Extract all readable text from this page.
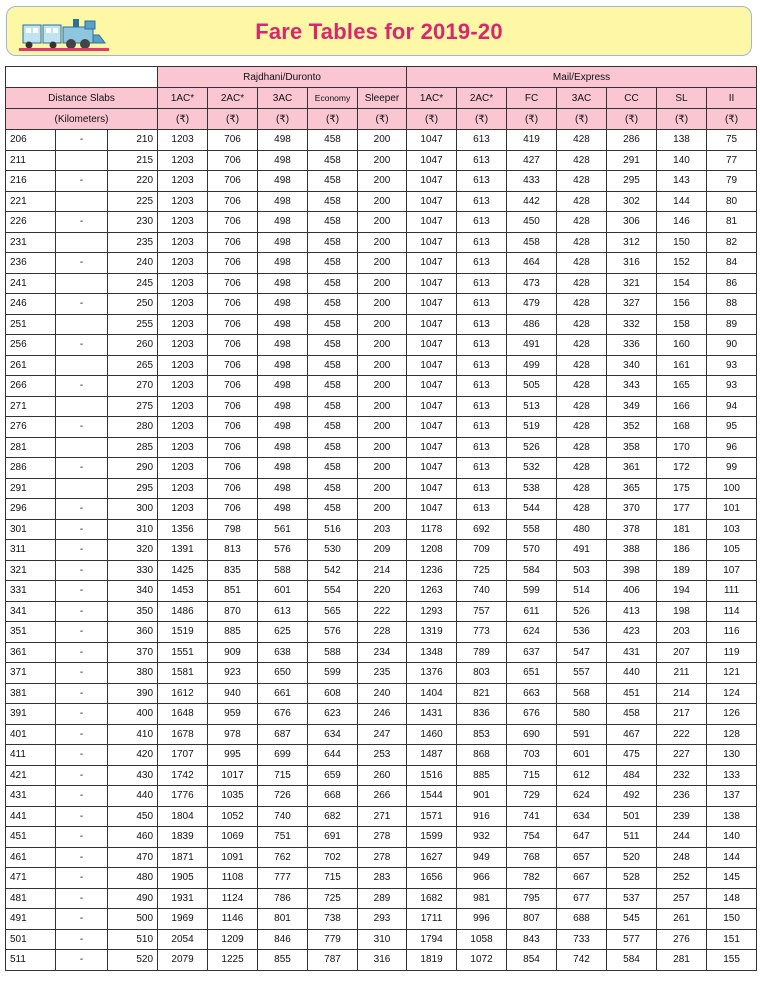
Fare Tables for 2019-20
			Rajdhani/Duronto					Mail/Express						
Distance Slabs			1AC*	2AC*	3AC	Economy	Sleeper	1AC*	2AC*	FC	3AC	CC	SL	II
(Kilometers)			(₹)	(₹)	(₹)	(₹)	(₹)	(₹)	(₹)	(₹)	(₹)	(₹)	(₹)	(₹)
206	-	210	1203	706	498	458	200	1047	613	419	428	286	138	75
211		215	1203	706	498	458	200	1047	613	427	428	291	140	77
216	-	220	1203	706	498	458	200	1047	613	433	428	295	143	79
221		225	1203	706	498	458	200	1047	613	442	428	302	144	80
226	-	230	1203	706	498	458	200	1047	613	450	428	306	146	81
231		235	1203	706	498	458	200	1047	613	458	428	312	150	82
236	-	240	1203	706	498	458	200	1047	613	464	428	316	152	84
241		245	1203	706	498	458	200	1047	613	473	428	321	154	86
246	-	250	1203	706	498	458	200	1047	613	479	428	327	156	88
251		255	1203	706	498	458	200	1047	613	486	428	332	158	89
256	-	260	1203	706	498	458	200	1047	613	491	428	336	160	90
261		265	1203	706	498	458	200	1047	613	499	428	340	161	93
266	-	270	1203	706	498	458	200	1047	613	505	428	343	165	93
271		275	1203	706	498	458	200	1047	613	513	428	349	166	94
276	-	280	1203	706	498	458	200	1047	613	519	428	352	168	95
281		285	1203	706	498	458	200	1047	613	526	428	358	170	96
286	-	290	1203	706	498	458	200	1047	613	532	428	361	172	99
291		295	1203	706	498	458	200	1047	613	538	428	365	175	100
296	-	300	1203	706	498	458	200	1047	613	544	428	370	177	101
301	-	310	1356	798	561	516	203	1178	692	558	480	378	181	103
311	-	320	1391	813	576	530	209	1208	709	570	491	388	186	105
321	-	330	1425	835	588	542	214	1236	725	584	503	398	189	107
331	-	340	1453	851	601	554	220	1263	740	599	514	406	194	111
341	-	350	1486	870	613	565	222	1293	757	611	526	413	198	114
351	-	360	1519	885	625	576	228	1319	773	624	536	423	203	116
361	-	370	1551	909	638	588	234	1348	789	637	547	431	207	119
371	-	380	1581	923	650	599	235	1376	803	651	557	440	211	121
381	-	390	1612	940	661	608	240	1404	821	663	568	451	214	124
391	-	400	1648	959	676	623	246	1431	836	676	580	458	217	126
401	-	410	1678	978	687	634	247	1460	853	690	591	467	222	128
411	-	420	1707	995	699	644	253	1487	868	703	601	475	227	130
421	-	430	1742	1017	715	659	260	1516	885	715	612	484	232	133
431	-	440	1776	1035	726	668	266	1544	901	729	624	492	236	137
441	-	450	1804	1052	740	682	271	1571	916	741	634	501	239	138
451	-	460	1839	1069	751	691	278	1599	932	754	647	511	244	140
461	-	470	1871	1091	762	702	278	1627	949	768	657	520	248	144
471	-	480	1905	1108	777	715	283	1656	966	782	667	528	252	145
481	-	490	1931	1124	786	725	289	1682	981	795	677	537	257	148
491	-	500	1969	1146	801	738	293	1711	996	807	688	545	261	150
501	-	510	2054	1209	846	779	310	1794	1058	843	733	577	276	151
511	-	520	2079	1225	855	787	316	1819	1072	854	742	584	281	155
